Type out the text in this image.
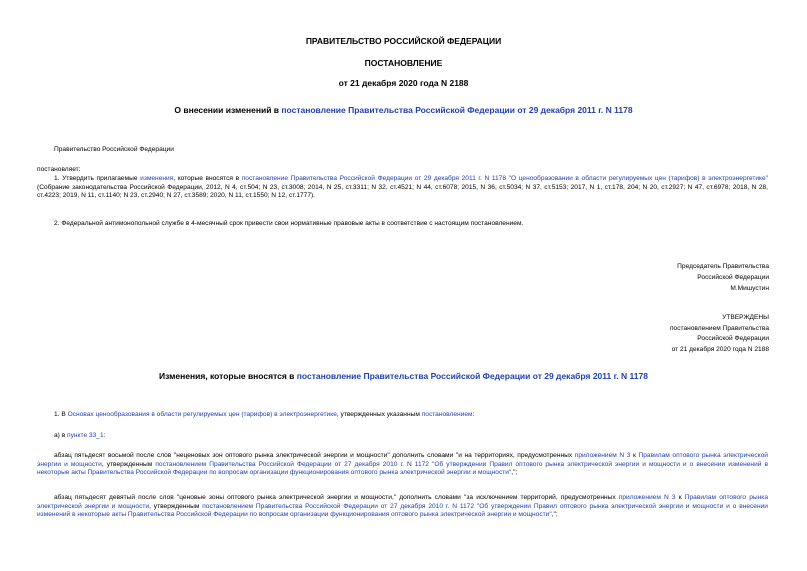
ПРАВИТЕЛЬСТВО РОССИЙСКОЙ ФЕДЕРАЦИИ
ПОСТАНОВЛЕНИЕ
от 21 декабря 2020 года N 2188
О внесении изменений в постановление Правительства Российской Федерации от 29 декабря 2011 г. N 1178
Правительство Российской Федерации
постановляет:
1. Утвердить прилагаемые изменения, которые вносятся в постановление Правительства Российской Федерации от 29 декабря 2011 г. N 1178 "О ценообразовании в области регулируемых цен (тарифов) в электроэнергетике" (Собрание законодательства Российской Федерации, 2012, N 4, ст.504; N 23, ст.3008; 2014, N 25, ст.3311; N 32, ст.4521; N 44, ст.6078; 2015, N 36, ст.5034; N 37, ст.5153; 2017, N 1, ст.178, 204; N 20, ст.2927; N 47, ст.6978; 2018, N 28, ст.4223; 2019, N 11, ст.1140; N 23, ст.2940; N 27, ст.3589; 2020, N 11, ст.1550; N 12, ст.1777).
2. Федеральной антимонопольной службе в 4-месячный срок привести свои нормативные правовые акты в соответствие с настоящим постановлением.
Председатель Правительства
Российской Федерации
М.Мишустин
УТВЕРЖДЕНЫ
постановлением Правительства
Российской Федерации
от 21 декабря 2020 года N 2188
Изменения, которые вносятся в постановление Правительства Российской Федерации от 29 декабря 2011 г. N 1178
1. В Основах ценообразования в области регулируемых цен (тарифов) в электроэнергетике, утвержденных указанным постановлением:
а) в пункте 33_1:
абзац пятьдесят восьмой после слов "неценовых зон оптового рынка электрической энергии и мощности" дополнить словами "и на территориях, предусмотренных приложением N 3 к Правилам оптового рынка электрической энергии и мощности, утвержденным постановлением Правительства Российской Федерации от 27 декабря 2010 г. N 1172 "Об утверждении Правил оптового рынка электрической энергии и мощности и о внесении изменений в некоторые акты Правительства Российской Федерации по вопросам организации функционирования оптового рынка электрической энергии и мощности",";
абзац пятьдесят девятый после слов "ценовые зоны оптового рынка электрической энергии и мощности," дополнить словами "за исключением территорий, предусмотренных приложением N 3 к Правилам оптового рынка электрической энергии и мощности, утвержденным постановлением Правительства Российской Федерации от 27 декабря 2010 г. N 1172 "Об утверждении Правил оптового рынка электрической энергии и мощности и о внесении изменений в некоторые акты Правительства Российской Федерации по вопросам организации функционирования оптового рынка электрической энергии и мощности",";
